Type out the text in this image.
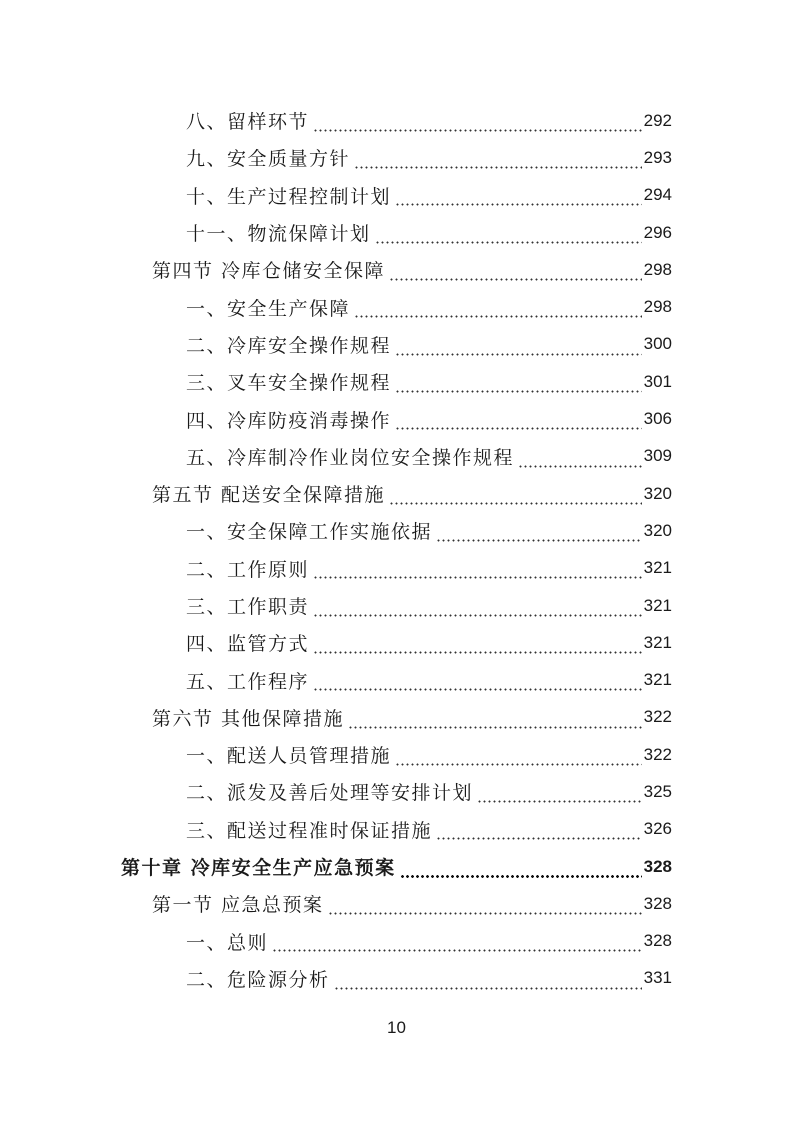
八、留样环节	292
九、安全质量方针	293
十、生产过程控制计划	294
十一、物流保障计划	296
第四节 冷库仓储安全保障	298
一、安全生产保障	298
二、冷库安全操作规程	300
三、叉车安全操作规程	301
四、冷库防疫消毒操作	306
五、冷库制冷作业岗位安全操作规程	309
第五节 配送安全保障措施	320
一、安全保障工作实施依据	320
二、工作原则	321
三、工作职责	321
四、监管方式	321
五、工作程序	321
第六节 其他保障措施	322
一、配送人员管理措施	322
二、派发及善后处理等安排计划	325
三、配送过程准时保证措施	326
第十章 冷库安全生产应急预案	328
第一节 应急总预案	328
一、总则	328
二、危险源分析	331
10
